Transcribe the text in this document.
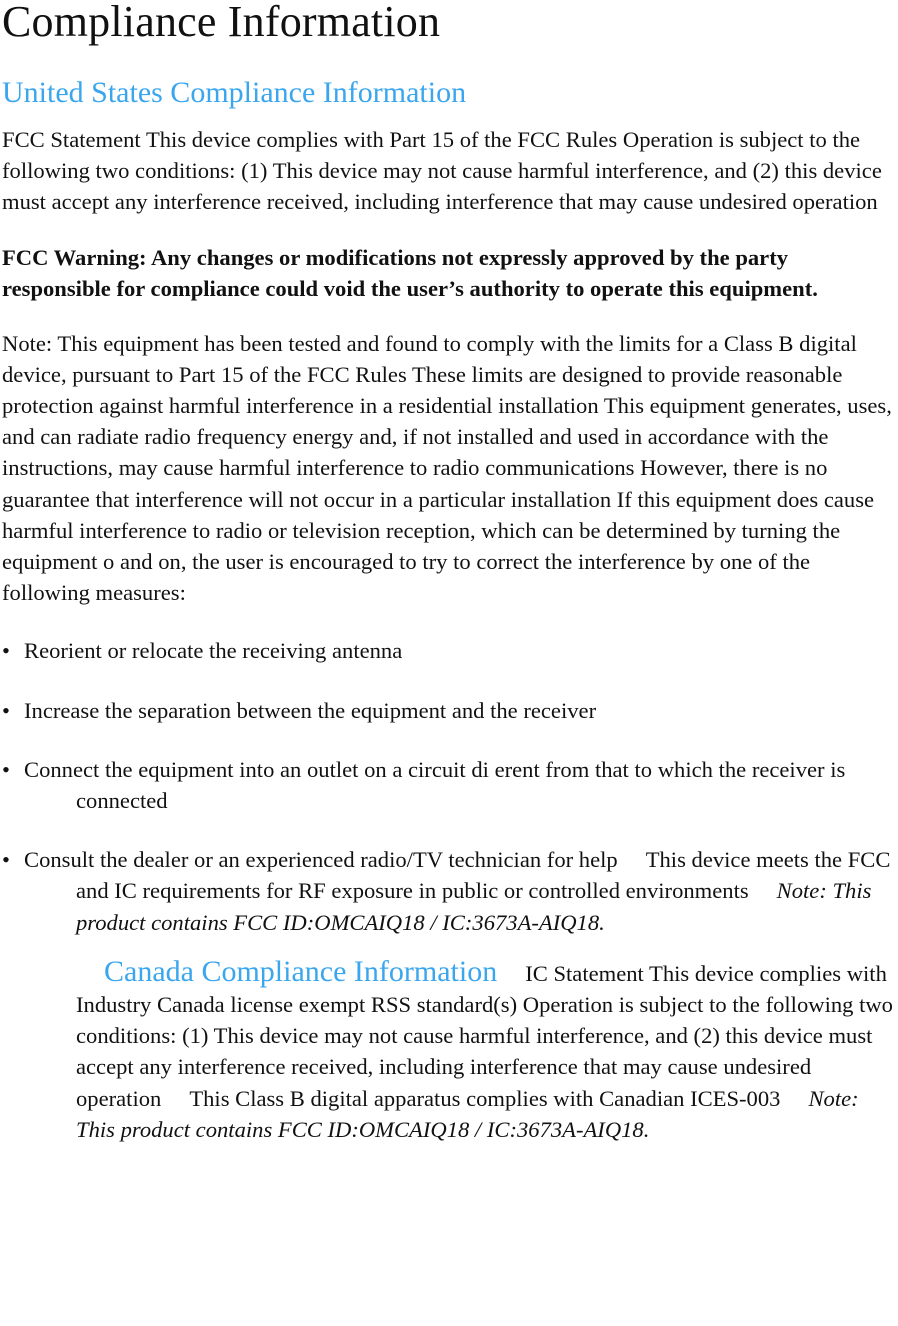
Compliance Information
United States Compliance Information

FCC Statement This device complies with Part 15 of the FCC Rules Operation is subject to the following two conditions: (1) This device may not cause harmful interference, and (2) this device must accept any interference received, including interference that may cause undesired operation

FCC Warning: Any changes or modifications not expressly approved by the party responsible for compliance could void the user’s authority to operate this equipment.

Note: This equipment has been tested and found to comply with the limits for a Class B digital device, pursuant to Part 15 of the FCC Rules These limits are designed to provide reasonable protection against harmful interference in a residential installation This equipment generates, uses, and can radiate radio frequency energy and, if not installed and used in accordance with the instructions, may cause harmful interference to radio communications However, there is no guarantee that interference will not occur in a particular installation If this equipment does cause harmful interference to radio or television reception, which can be determined by turning the equipment o and on, the user is encouraged to try to correct the interference by one of the following measures:

• Reorient or relocate the receiving antenna
• Increase the separation between the equipment and the receiver
• Connect the equipment into an outlet on a circuit di erent from that to which the receiver is connected
• Consult the dealer or an experienced radio/TV technician for help This device meets the FCC and IC requirements for RF exposure in public or controlled environments Note: This product contains FCC ID:OMCAIQ18 / IC:3673A-AIQ18.
Canada Compliance Information IC Statement This device complies with Industry Canada license exempt RSS standard(s) Operation is subject to the following two conditions: (1) This device may not cause harmful interference, and (2) this device must accept any interference received, including interference that may cause undesired operation This Class B digital apparatus complies with Canadian ICES-003 Note: This product contains FCC ID:OMCAIQ18 / IC:3673A-AIQ18.
